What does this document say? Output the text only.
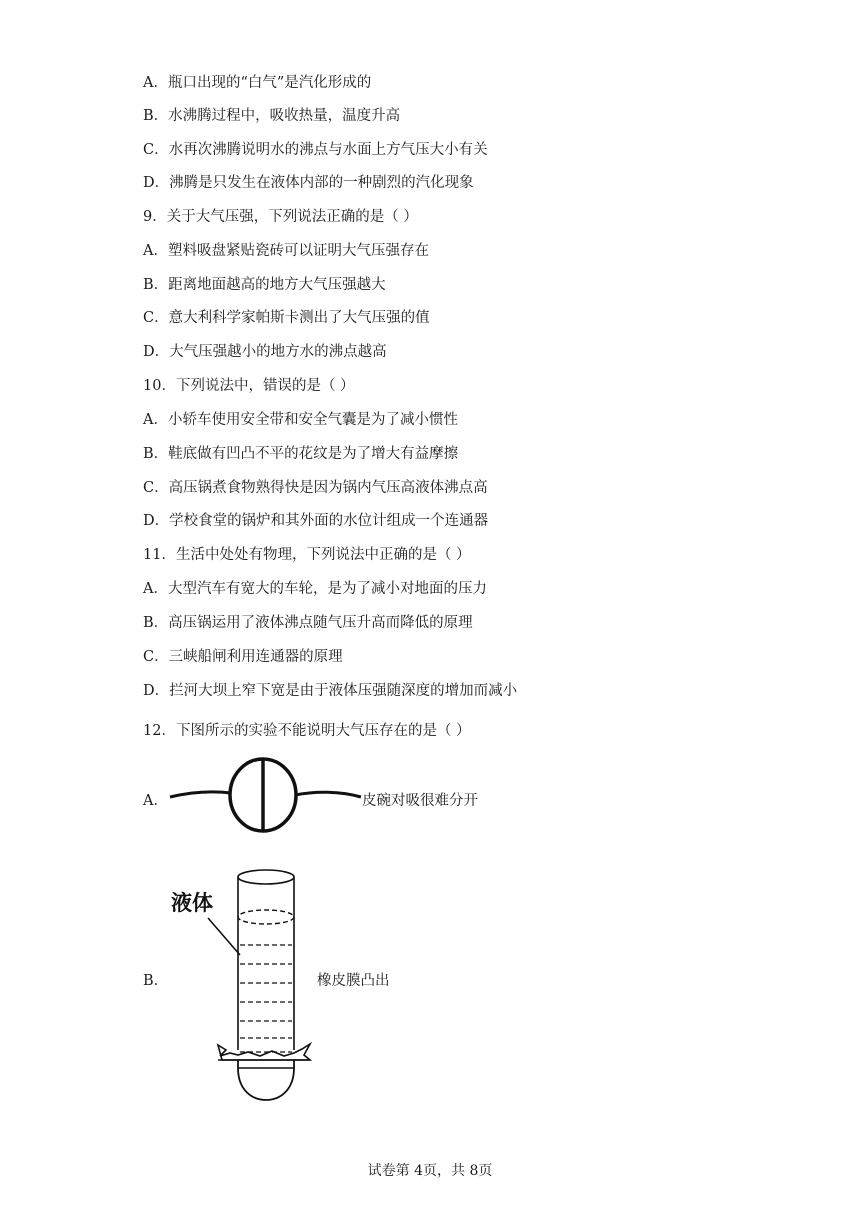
A．瓶口出现的“白气”是汽化形成的
B．水沸腾过程中，吸收热量，温度升高
C．水再次沸腾说明水的沸点与水面上方气压大小有关
D．沸腾是只发生在液体内部的一种剧烈的汽化现象
9．关于大气压强，下列说法正确的是（ ）
A．塑料吸盘紧贴瓷砖可以证明大气压强存在
B．距离地面越高的地方大气压强越大
C．意大利科学家帕斯卡测出了大气压强的值
D．大气压强越小的地方水的沸点越高
10．下列说法中，错误的是（ ）
A．小轿车使用安全带和安全气囊是为了减小惯性
B．鞋底做有凹凸不平的花纹是为了增大有益摩擦
C．高压锅煮食物熟得快是因为锅内气压高液体沸点高
D．学校食堂的锅炉和其外面的水位计组成一个连通器
11．生活中处处有物理，下列说法中正确的是（ ）
A．大型汽车有宽大的车轮，是为了减小对地面的压力
B．高压锅运用了液体沸点随气压升高而降低的原理
C．三峡船闸利用连通器的原理
D．拦河大坝上窄下宽是由于液体压强随深度的增加而减小
12．下图所示的实验不能说明大气压存在的是（ ）
A．	皮碗对吸很难分开
B．
液体
橡皮膜凸出
试卷第 4页，共 8页
